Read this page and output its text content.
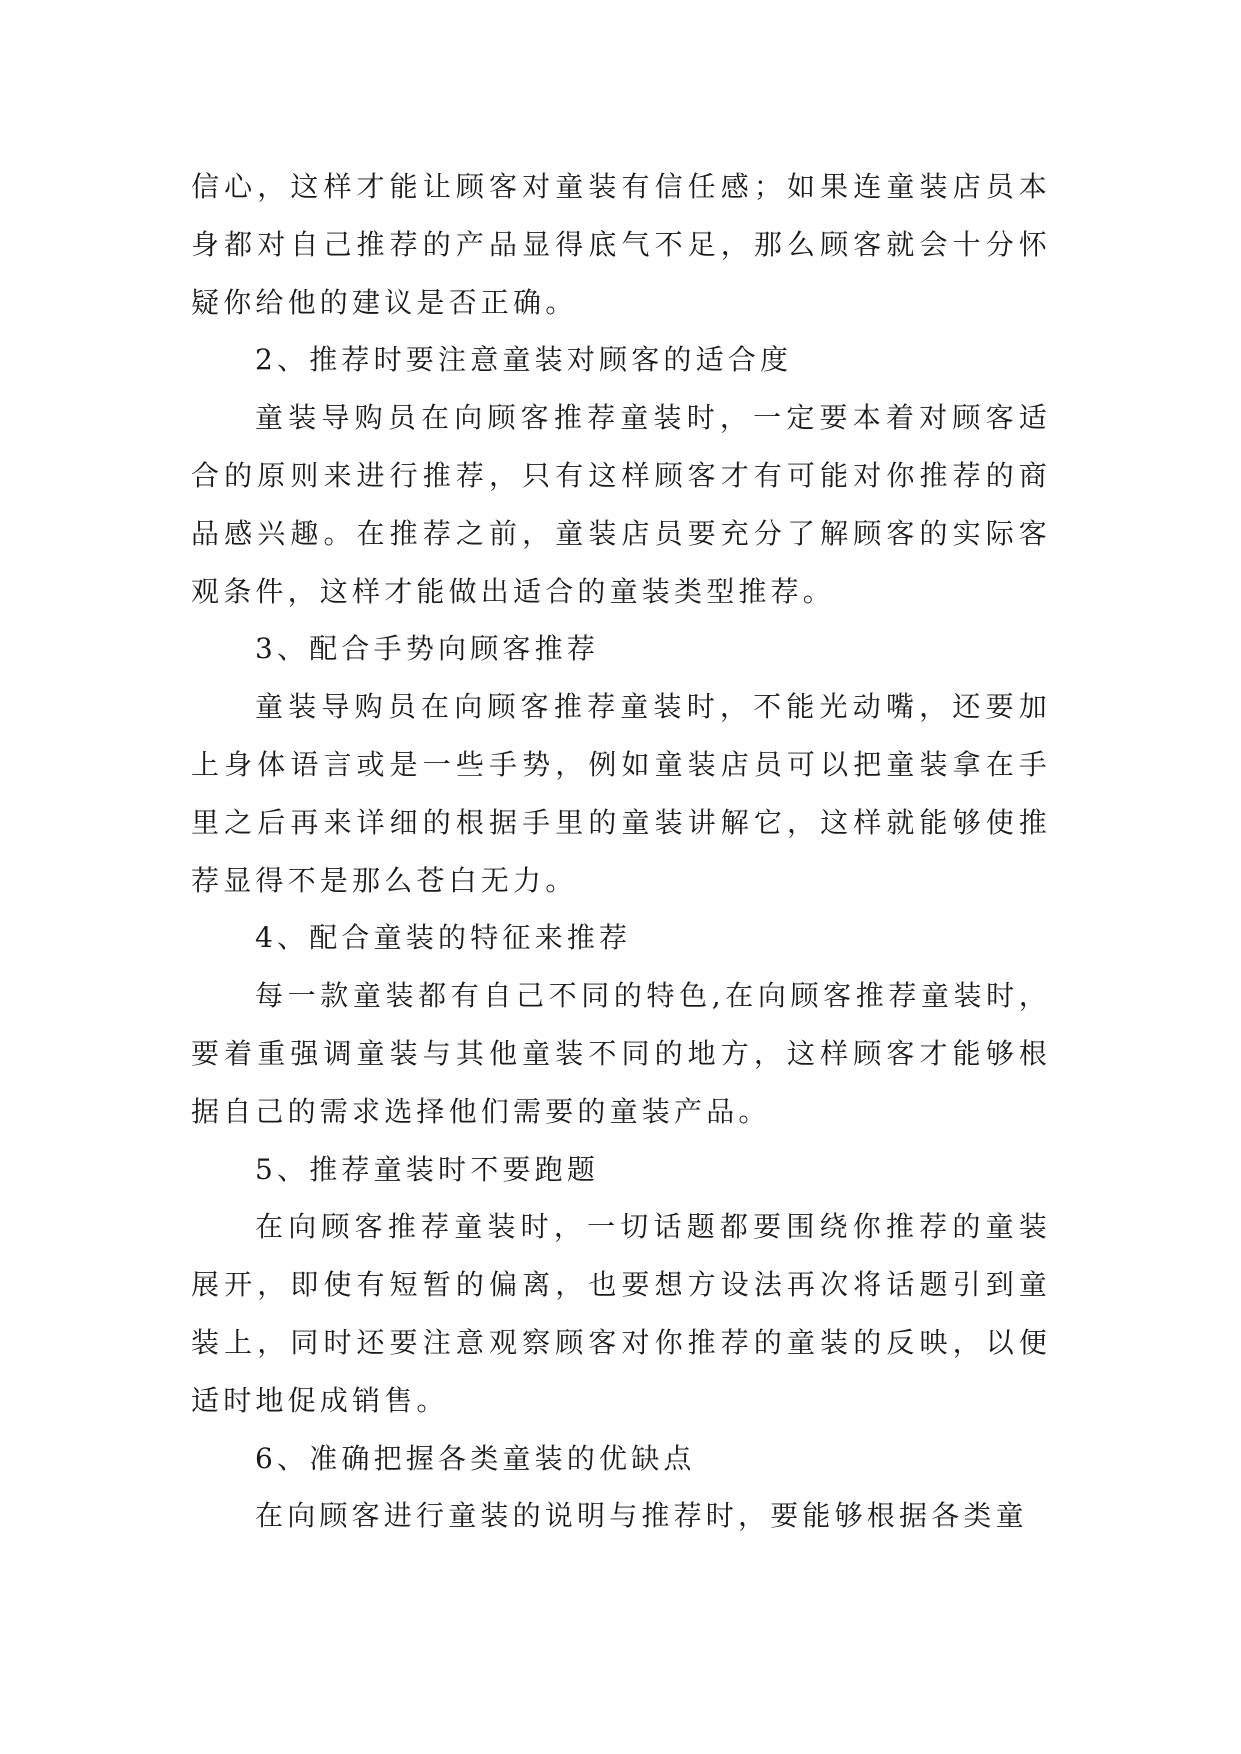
信心，这样才能让顾客对童装有信任感；如果连童装店员本身都对自己推荐的产品显得底气不足，那么顾客就会十分怀疑你给他的建议是否正确。

2、推荐时要注意童装对顾客的适合度

童装导购员在向顾客推荐童装时，一定要本着对顾客适合的原则来进行推荐，只有这样顾客才有可能对你推荐的商品感兴趣。在推荐之前，童装店员要充分了解顾客的实际客观条件，这样才能做出适合的童装类型推荐。

3、配合手势向顾客推荐

童装导购员在向顾客推荐童装时，不能光动嘴，还要加上身体语言或是一些手势，例如童装店员可以把童装拿在手里之后再来详细的根据手里的童装讲解它，这样就能够使推荐显得不是那么苍白无力。

4、配合童装的特征来推荐

每一款童装都有自己不同的特色,在向顾客推荐童装时，要着重强调童装与其他童装不同的地方，这样顾客才能够根据自己的需求选择他们需要的童装产品。

5、推荐童装时不要跑题

在向顾客推荐童装时，一切话题都要围绕你推荐的童装展开，即使有短暂的偏离，也要想方设法再次将话题引到童装上，同时还要注意观察顾客对你推荐的童装的反映，以便适时地促成销售。

6、准确把握各类童装的优缺点

在向顾客进行童装的说明与推荐时，要能够根据各类童
